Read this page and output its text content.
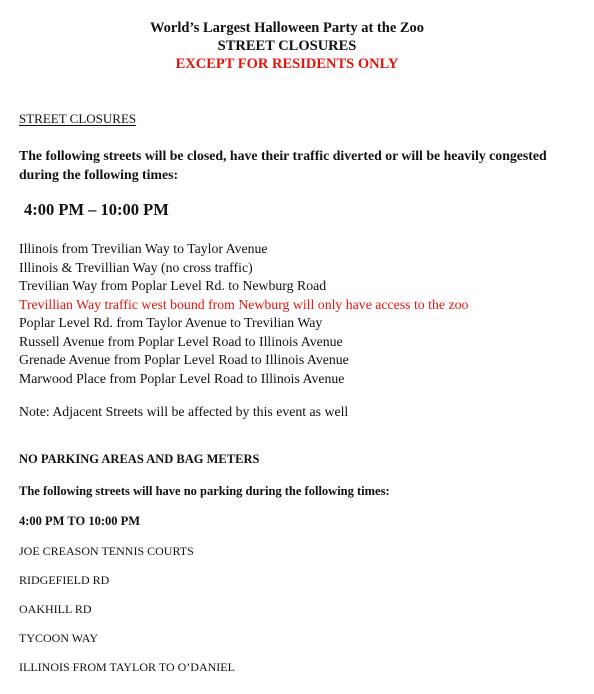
World’s Largest Halloween Party at the Zoo
STREET CLOSURES
EXCEPT FOR RESIDENTS ONLY
STREET CLOSURES
The following streets will be closed, have their traffic diverted or will be heavily congested during the following times:
4:00 PM – 10:00 PM
Illinois from Trevilian Way to Taylor Avenue
Illinois & Trevillian Way (no cross traffic)
Trevilian Way from Poplar Level Rd. to Newburg Road
Trevillian Way traffic west bound from Newburg will only have access to the zoo
Poplar Level Rd. from Taylor Avenue to Trevilian Way
Russell Avenue from Poplar Level Road to Illinois Avenue
Grenade Avenue from Poplar Level Road to Illinois Avenue
Marwood Place from Poplar Level Road to Illinois Avenue
Note: Adjacent Streets will be affected by this event as well
NO PARKING AREAS AND BAG METERS
The following streets will have no parking during the following times:
4:00 PM TO 10:00 PM
JOE CREASON TENNIS COURTS
RIDGEFIELD RD
OAKHILL RD
TYCOON WAY
ILLINOIS FROM TAYLOR TO O’DANIEL
